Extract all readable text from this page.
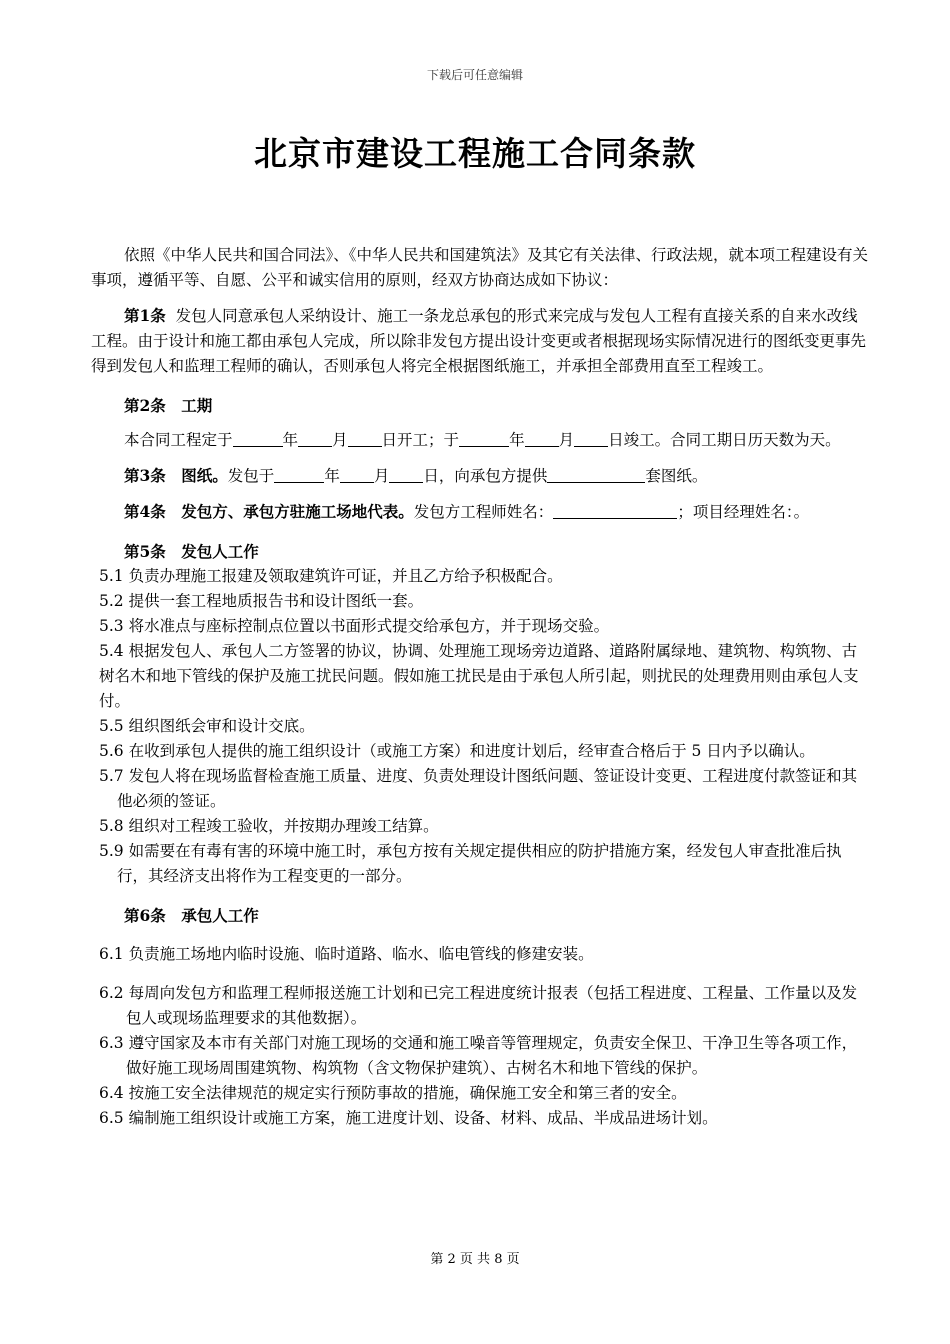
下载后可任意编辑
北京市建设工程施工合同条款

依照《中华人民共和国合同法》、《中华人民共和国建筑法》及其它有关法律、行政法规，就本项工程建设有关事项，遵循平等、自愿、公平和诚实信用的原则，经双方协商达成如下协议：

第1条 发包人同意承包人采纳设计、施工一条龙总承包的形式来完成与发包人工程有直接关系的自来水改线工程。由于设计和施工都由承包人完成，所以除非发包方提出设计变更或者根据现场实际情况进行的图纸变更事先得到发包人和监理工程师的确认，否则承包人将完全根据图纸施工，并承担全部费用直至工程竣工。

第2条　工期

本合同工程定于	年 月 日开工；于	年 月 日竣工。合同工期日历天数为天。

第3条　图纸。发包于	年 月 日，向承包方提供	套图纸。

第4条　发包方、承包方驻施工场地代表。发包方工程师姓名：	；项目经理姓名：。

第5条　发包人工作

5.1 负责办理施工报建及领取建筑许可证，并且乙方给予积极配合。

5.2 提供一套工程地质报告书和设计图纸一套。

5.3 将水准点与座标控制点位置以书面形式提交给承包方，并于现场交验。

5.4 根据发包人、承包人二方签署的协议，协调、处理施工现场旁边道路、道路附属绿地、建筑物、构筑物、古树名木和地下管线的保护及施工扰民问题。假如施工扰民是由于承包人所引起，则扰民的处理费用则由承包人支付。

5.5 组织图纸会审和设计交底。

5.6 在收到承包人提供的施工组织设计（或施工方案）和进度计划后，经审查合格后于 5 日内予以确认。

5.7 发包人将在现场监督检查施工质量、进度、负责处理设计图纸问题、签证设计变更、工程进度付款签证和其他必须的签证。

5.8 组织对工程竣工验收，并按期办理竣工结算。

5.9 如需要在有毒有害的环境中施工时，承包方按有关规定提供相应的防护措施方案，经发包人审查批准后执行，其经济支出将作为工程变更的一部分。

第6条　承包人工作

6.1 负责施工场地内临时设施、临时道路、临水、临电管线的修建安装。

6.2 每周向发包方和监理工程师报送施工计划和已完工程进度统计报表（包括工程进度、工程量、工作量以及发包人或现场监理要求的其他数据）。

6.3 遵守国家及本市有关部门对施工现场的交通和施工噪音等管理规定，负责安全保卫、干净卫生等各项工作，做好施工现场周围建筑物、构筑物（含文物保护建筑）、古树名木和地下管线的保护。

6.4 按施工安全法律规范的规定实行预防事故的措施，确保施工安全和第三者的安全。

6.5 编制施工组织设计或施工方案，施工进度计划、设备、材料、成品、半成品进场计划。

第 2 页 共 8 页
